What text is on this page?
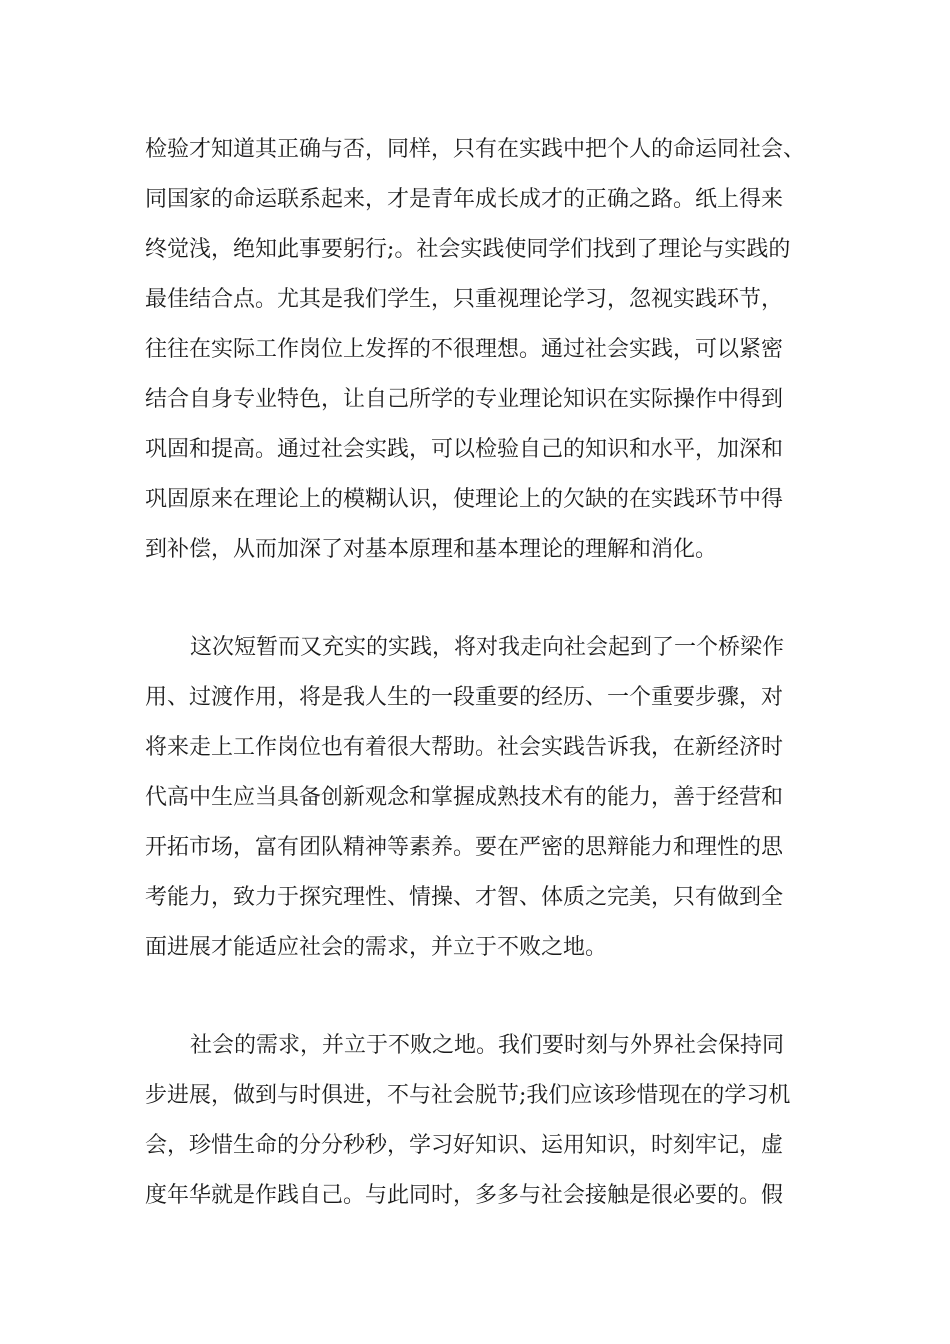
检验才知道其正确与否，同样，只有在实践中把个人的命运同社会、

同国家的命运联系起来，才是青年成长成才的正确之路。纸上得来

终觉浅，绝知此事要躬行;。社会实践使同学们找到了理论与实践的

最佳结合点。尤其是我们学生，只重视理论学习，忽视实践环节，

往往在实际工作岗位上发挥的不很理想。通过社会实践，可以紧密

结合自身专业特色，让自己所学的专业理论知识在实际操作中得到

巩固和提高。通过社会实践，可以检验自己的知识和水平，加深和

巩固原来在理论上的模糊认识，使理论上的欠缺的在实践环节中得

到补偿，从而加深了对基本原理和基本理论的理解和消化。

这次短暂而又充实的实践，将对我走向社会起到了一个桥梁作

用、过渡作用，将是我人生的一段重要的经历、一个重要步骤，对

将来走上工作岗位也有着很大帮助。社会实践告诉我，在新经济时

代高中生应当具备创新观念和掌握成熟技术有的能力，善于经营和

开拓市场，富有团队精神等素养。要在严密的思辩能力和理性的思

考能力，致力于探究理性、情操、才智、体质之完美，只有做到全

面进展才能适应社会的需求，并立于不败之地。

社会的需求，并立于不败之地。我们要时刻与外界社会保持同

步进展，做到与时俱进，不与社会脱节;我们应该珍惜现在的学习机

会，珍惜生命的分分秒秒，学习好知识、运用知识，时刻牢记，虚

度年华就是作践自己。与此同时，多多与社会接触是很必要的。假
